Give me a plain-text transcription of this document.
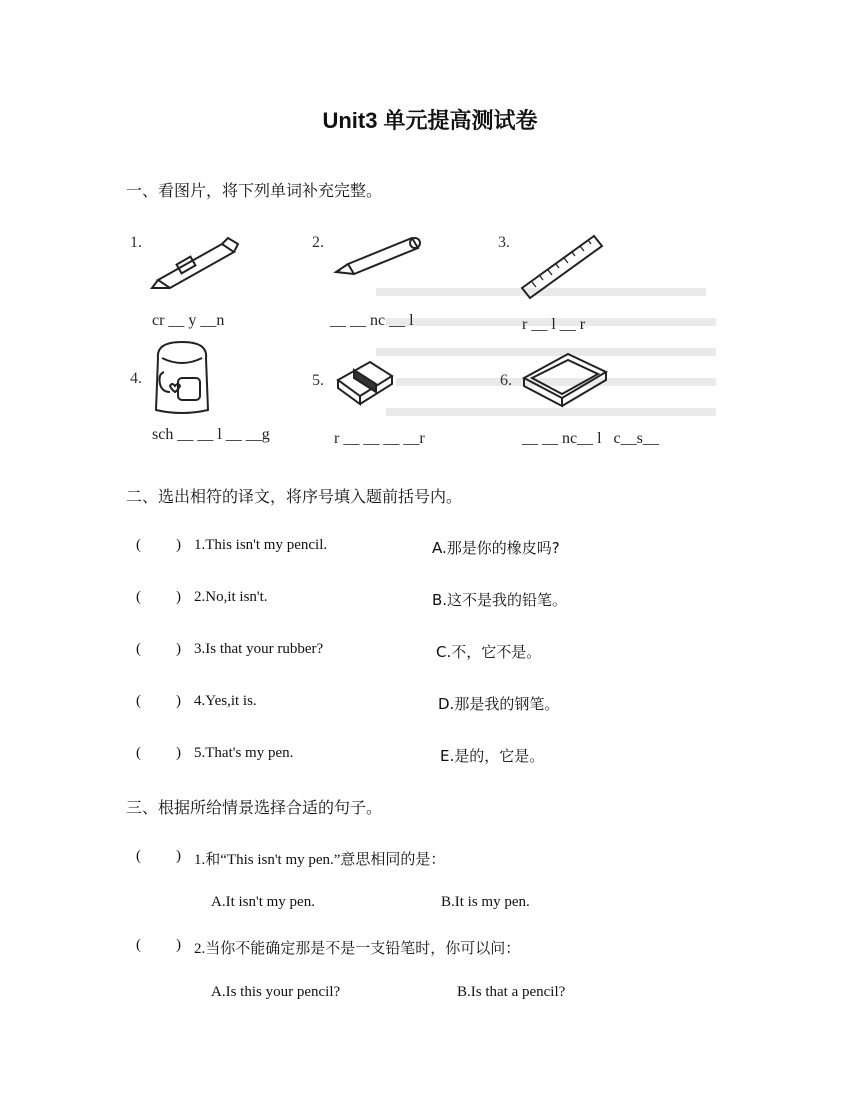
Unit3 单元提高测试卷
一、看图片，将下列单词补充完整。
1.
cr __ y __n
2.
__ __ nc __ l
3.
r __ l __ r
4.
sch __ __ l __ __g
5.
r __ __ __ __r
6.
__ __ nc__ l   c__s__
二、选出相符的译文，将序号填入题前括号内。
( ) 1.This isn't my pencil.	A.那是你的橡皮吗?
( ) 2.No,it isn't.	B.这不是我的铅笔。
( ) 3.Is that your rubber?	C.不，它不是。
( ) 4.Yes,it is.	D.那是我的钢笔。
( ) 5.That's my pen.	E.是的，它是。
三、根据所给情景选择合适的句子。
( ) 1.和“This isn't my pen.”意思相同的是：
A.It isn't my pen.	B.It is my pen.
( ) 2.当你不能确定那是不是一支铅笔时，你可以问：
A.Is this your pencil?	B.Is that a pencil?
